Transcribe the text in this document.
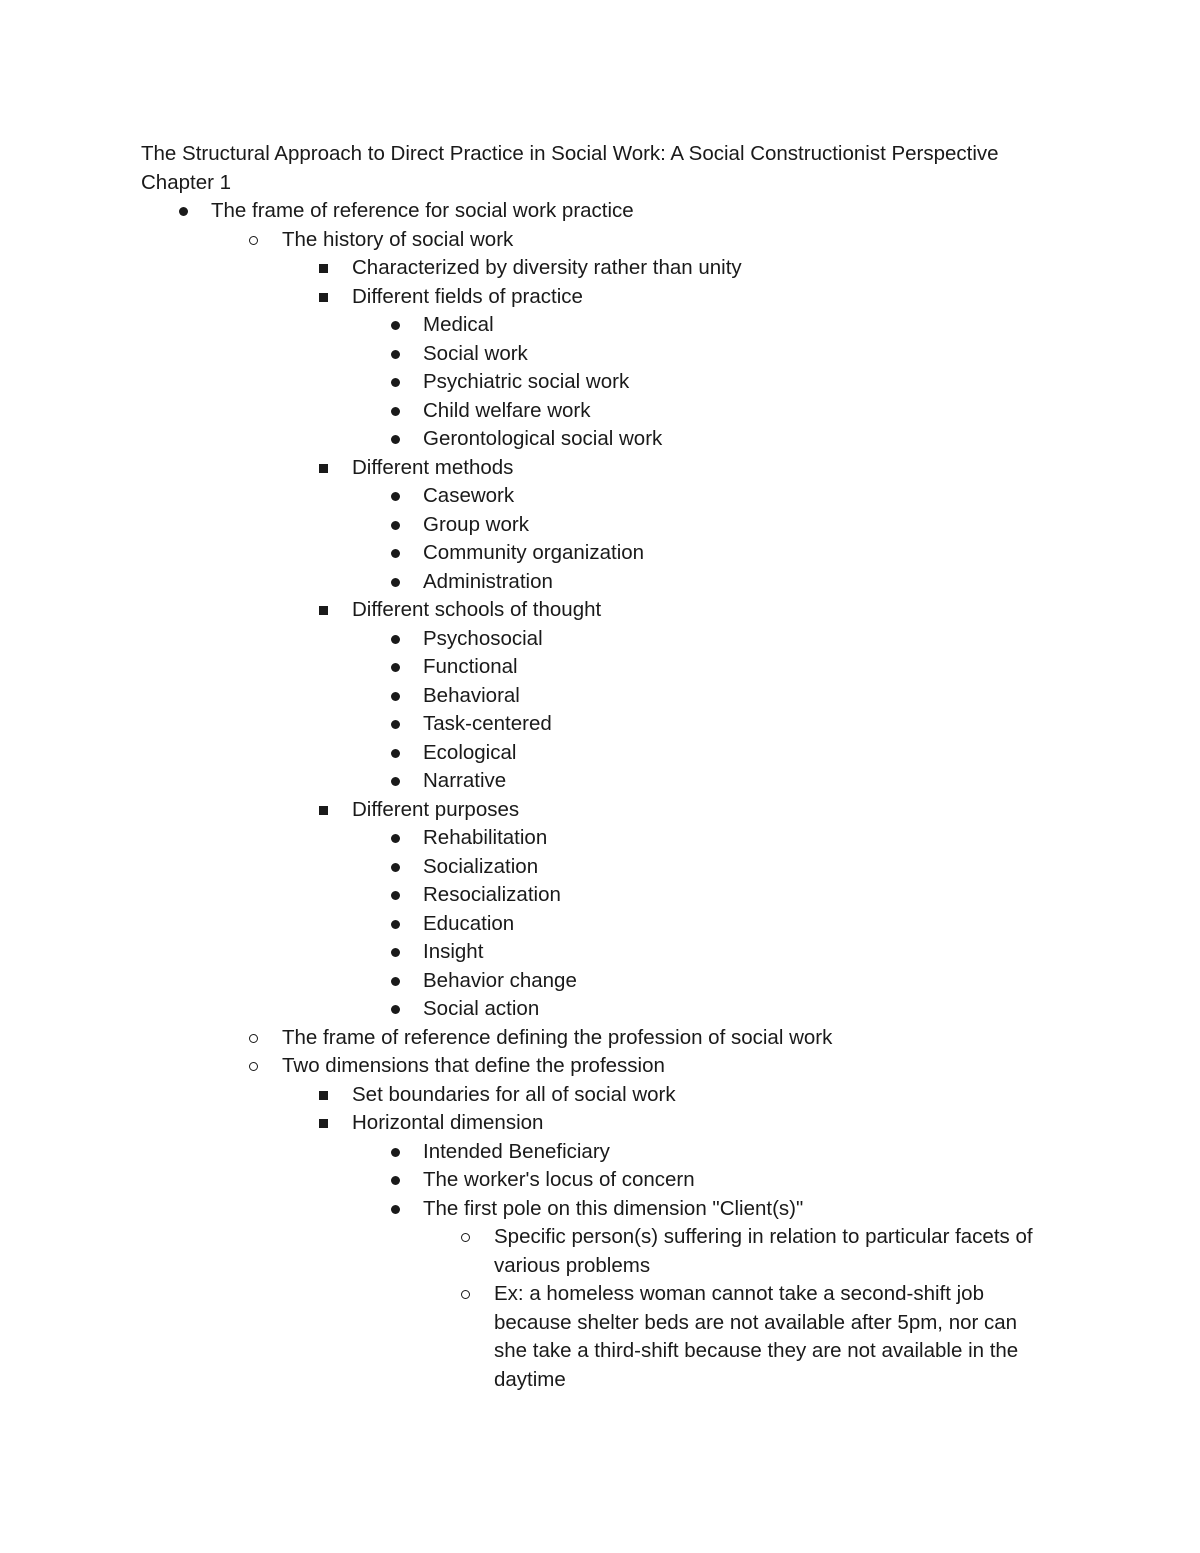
The Structural Approach to Direct Practice in Social Work: A Social Constructionist Perspective
Chapter 1
The frame of reference for social work practice
The history of social work
Characterized by diversity rather than unity
Different fields of practice
Medical
Social work
Psychiatric social work
Child welfare work
Gerontological social work
Different methods
Casework
Group work
Community organization
Administration
Different schools of thought
Psychosocial
Functional
Behavioral
Task-centered
Ecological
Narrative
Different purposes
Rehabilitation
Socialization
Resocialization
Education
Insight
Behavior change
Social action
The frame of reference defining the profession of social work
Two dimensions that define the profession
Set boundaries for all of social work
Horizontal dimension
Intended Beneficiary
The worker's locus of concern
The first pole on this dimension "Client(s)"
Specific person(s) suffering in relation to particular facets of various problems
Ex: a homeless woman cannot take a second-shift job because shelter beds are not available after 5pm, nor can she take a third-shift because they are not available in the daytime
